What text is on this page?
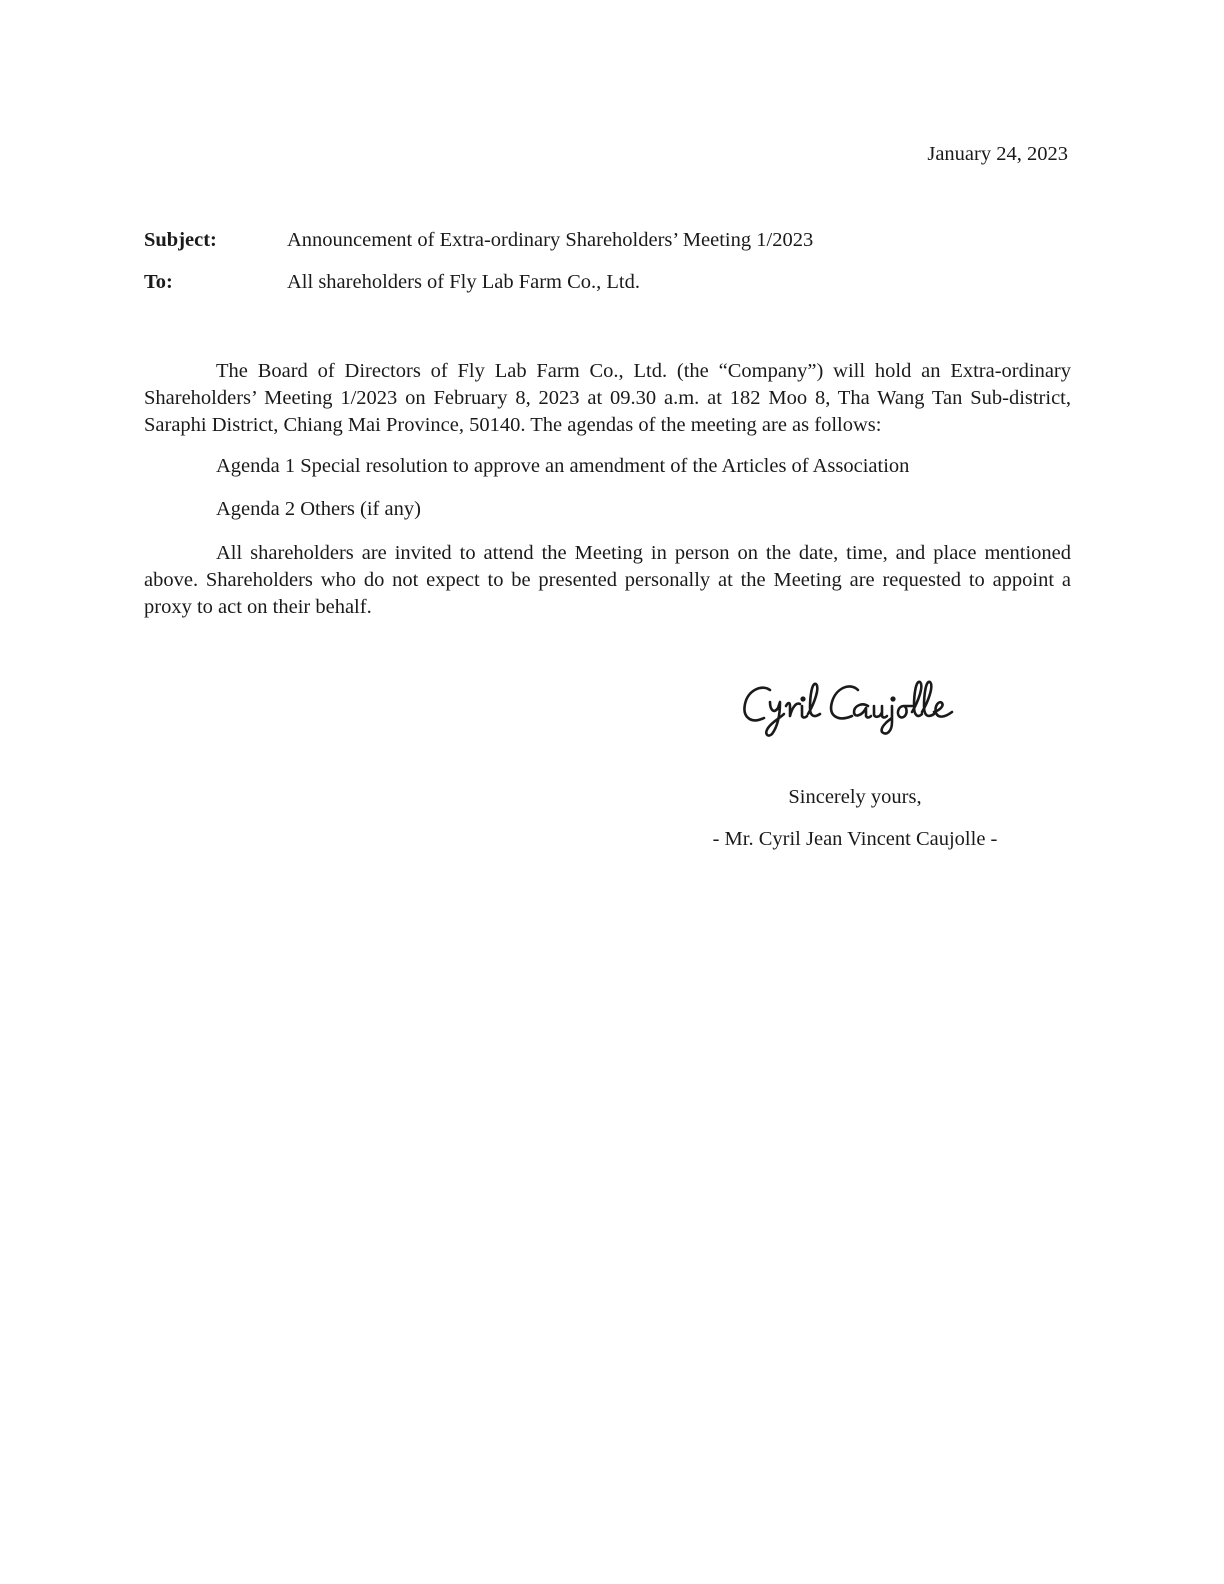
January 24, 2023
Subject:	Announcement of Extra-ordinary Shareholders’ Meeting 1/2023
To:	All shareholders of Fly Lab Farm Co., Ltd.
The Board of Directors of Fly Lab Farm Co., Ltd. (the “Company”) will hold an Extra-ordinary Shareholders’ Meeting 1/2023 on February 8, 2023 at 09.30 a.m. at 182 Moo 8, Tha Wang Tan Sub-district, Saraphi District, Chiang Mai Province, 50140. The agendas of the meeting are as follows:
Agenda 1 Special resolution to approve an amendment of the Articles of Association
Agenda 2 Others (if any)
All shareholders are invited to attend the Meeting in person on the date, time, and place mentioned above. Shareholders who do not expect to be presented personally at the Meeting are requested to appoint a proxy to act on their behalf.
Sincerely yours,
- Mr. Cyril Jean Vincent Caujolle -
